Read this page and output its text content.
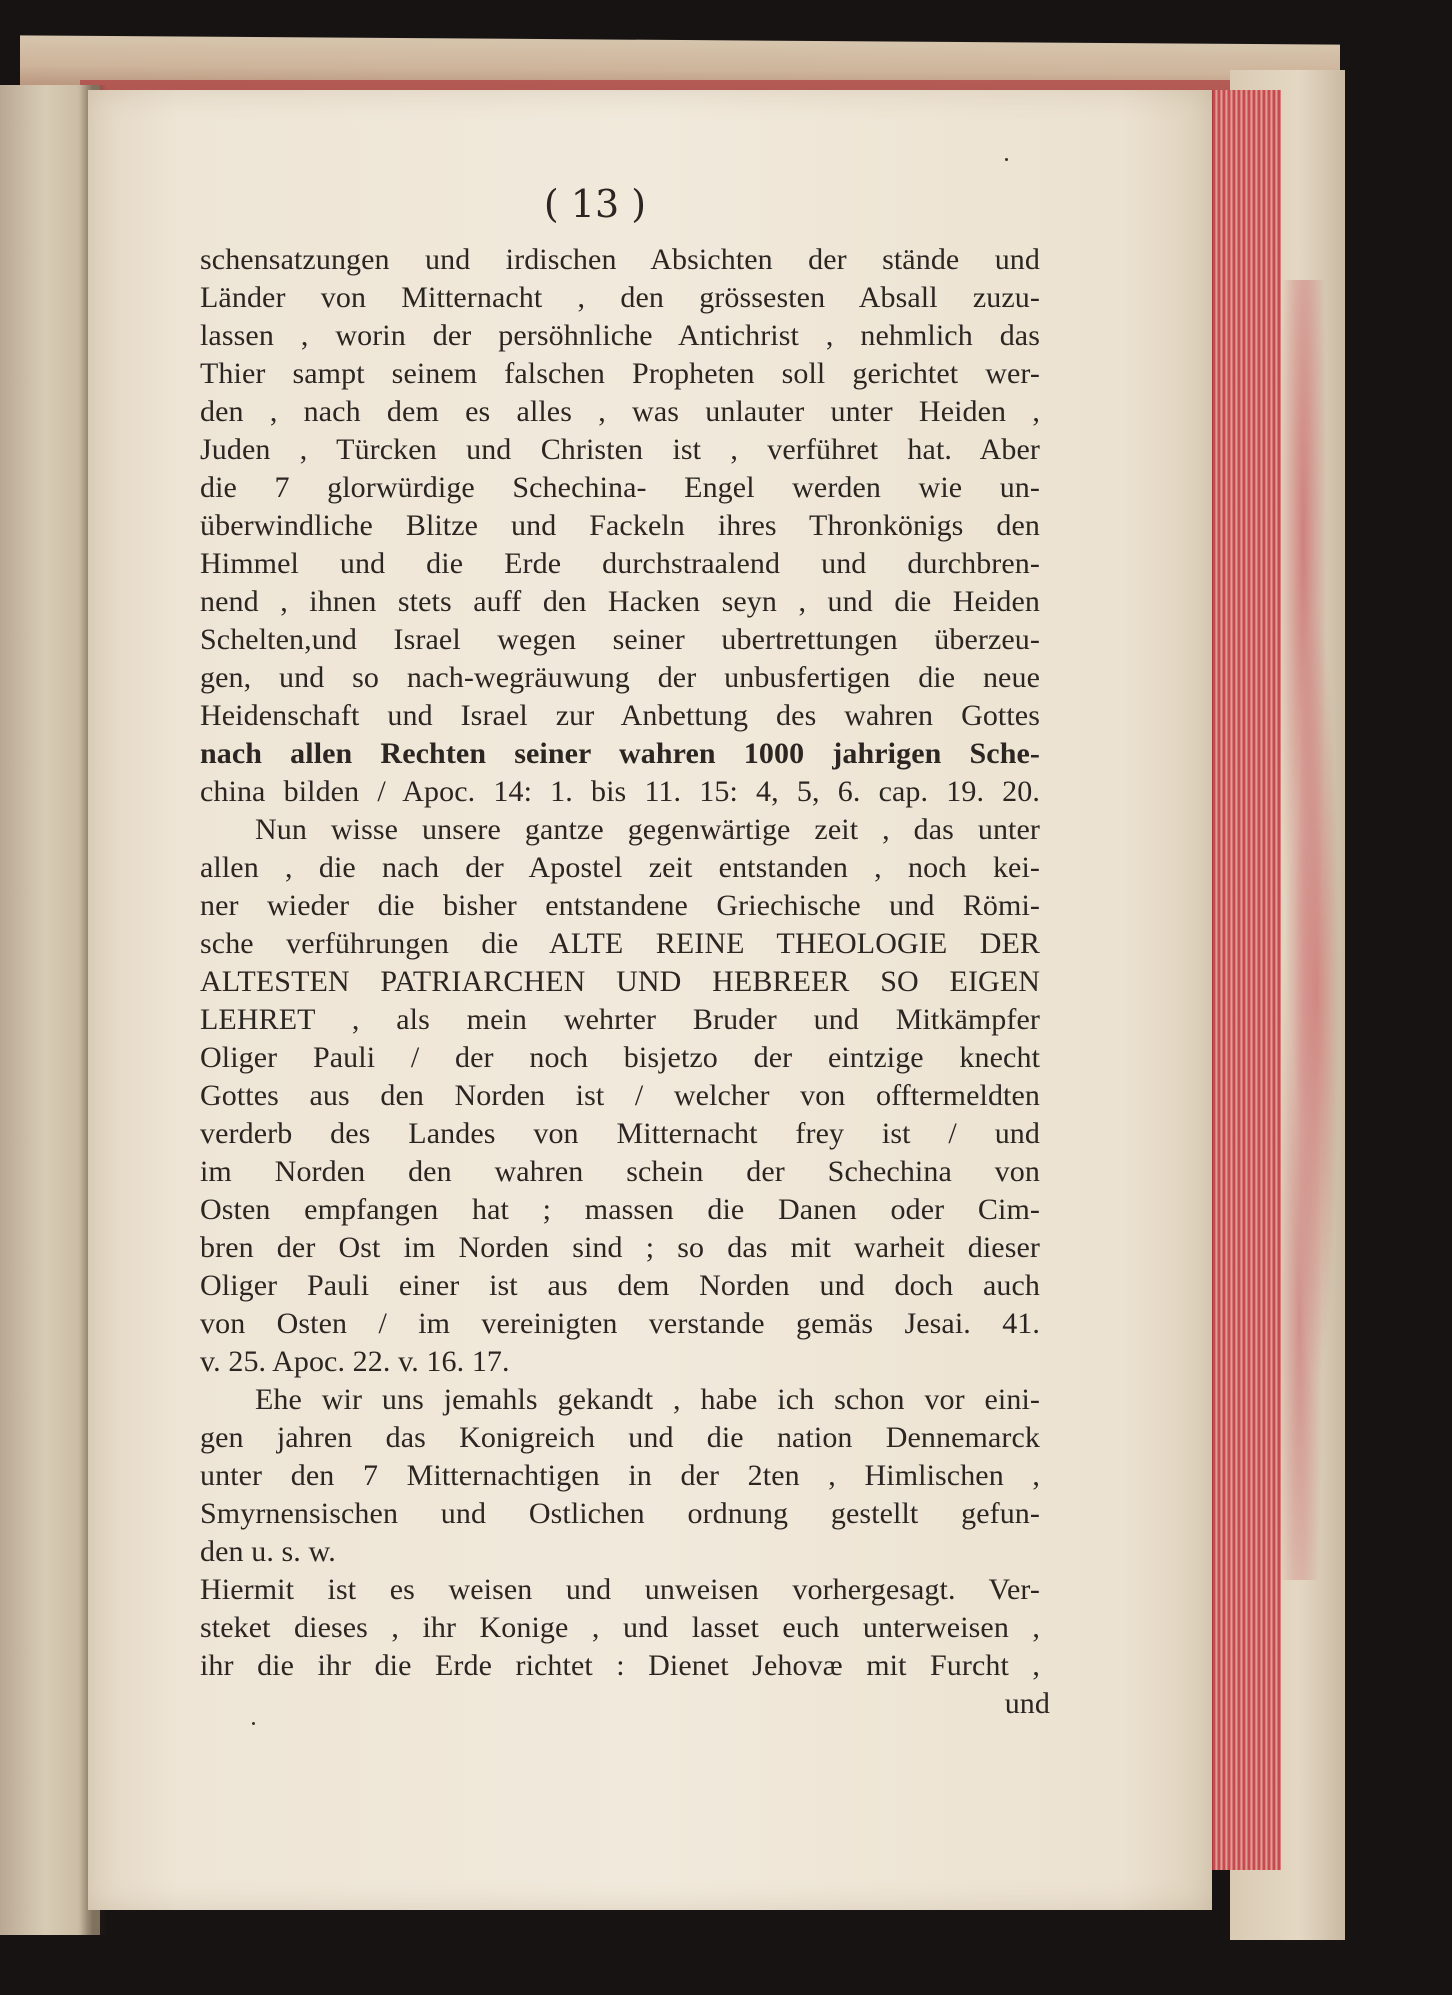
( 13 )
schensatzungen und irdischen Absichten der stände und
Länder von Mitternacht , den grössesten Absall zuzu-
lassen , worin der persöhnliche Antichrist , nehmlich das
Thier sampt seinem falschen Propheten soll gerichtet wer-
den , nach dem es alles , was unlauter unter Heiden ,
Juden , Türcken und Christen ist , verführet hat. Aber
die 7 glorwürdige Schechina- Engel werden wie un-
überwindliche Blitze und Fackeln ihres Thronkönigs den
Himmel und die Erde durchstraalend und durchbren-
nend , ihnen stets auff den Hacken seyn , und die Heiden
Schelten,und Israel wegen seiner ubertrettungen überzeu-
gen, und so nach-wegräuwung der unbusfertigen die neue
Heidenschaft und Israel zur Anbettung des wahren Gottes
nach allen Rechten seiner wahren 1000 jahrigen Sche-
china bilden / Apoc. 14: 1. bis 11. 15: 4, 5, 6. cap. 19. 20.
Nun wisse unsere gantze gegenwärtige zeit , das unter
allen , die nach der Apostel zeit entstanden , noch kei-
ner wieder die bisher entstandene Griechische und Römi-
sche verführungen die ALTE REINE THEOLOGIE DER
ALTESTEN PATRIARCHEN UND HEBREER SO EIGEN
LEHRET , als mein wehrter Bruder und Mitkämpfer
Oliger Pauli / der noch bisjetzo der eintzige knecht
Gottes aus den Norden ist / welcher von offtermeldten
verderb des Landes von Mitternacht frey ist / und
im Norden den wahren schein der Schechina von
Osten empfangen hat ; massen die Danen oder Cim-
bren der Ost im Norden sind ; so das mit warheit dieser
Oliger Pauli einer ist aus dem Norden und doch auch
von Osten / im vereinigten verstande gemäs Jesai. 41.
v. 25. Apoc. 22. v. 16. 17.
Ehe wir uns jemahls gekandt , habe ich schon vor eini-
gen jahren das Konigreich und die nation Dennemarck
unter den 7 Mitternachtigen in der 2ten , Himlischen ,
Smyrnensischen und Ostlichen ordnung gestellt gefun-
den u. s. w.
Hiermit ist es weisen und unweisen vorhergesagt. Ver-
steket dieses , ihr Konige , und lasset euch unterweisen ,
ihr die ihr die Erde richtet : Dienet Jehovæ mit Furcht ,
und
